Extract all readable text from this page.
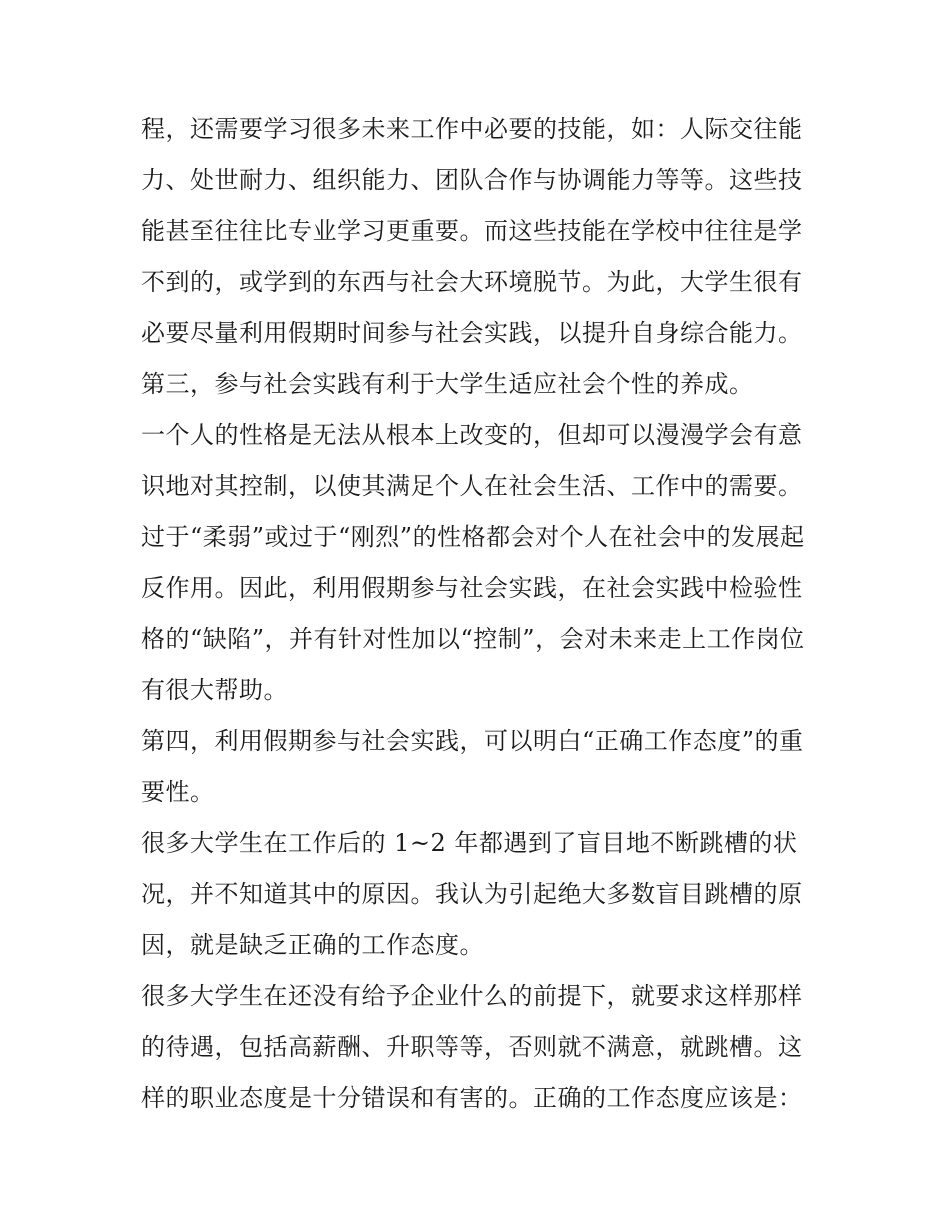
程，还需要学习很多未来工作中必要的技能，如：人际交往能
力、处世耐力、组织能力、团队合作与协调能力等等。这些技
能甚至往往比专业学习更重要。而这些技能在学校中往往是学
不到的，或学到的东西与社会大环境脱节。为此，大学生很有
必要尽量利用假期时间参与社会实践，以提升自身综合能力。
第三，参与社会实践有利于大学生适应社会个性的养成。
一个人的性格是无法从根本上改变的，但却可以漫漫学会有意
识地对其控制，以使其满足个人在社会生活、工作中的需要。
过于“柔弱”或过于“刚烈”的性格都会对个人在社会中的发展起
反作用。因此，利用假期参与社会实践，在社会实践中检验性
格的“缺陷”，并有针对性加以“控制”，会对未来走上工作岗位
有很大帮助。
第四，利用假期参与社会实践，可以明白“正确工作态度”的重
要性。
很多大学生在工作后的 1~2 年都遇到了盲目地不断跳槽的状
况，并不知道其中的原因。我认为引起绝大多数盲目跳槽的原
因，就是缺乏正确的工作态度。
很多大学生在还没有给予企业什么的前提下，就要求这样那样
的待遇，包括高薪酬、升职等等，否则就不满意，就跳槽。这
样的职业态度是十分错误和有害的。正确的工作态度应该是：
